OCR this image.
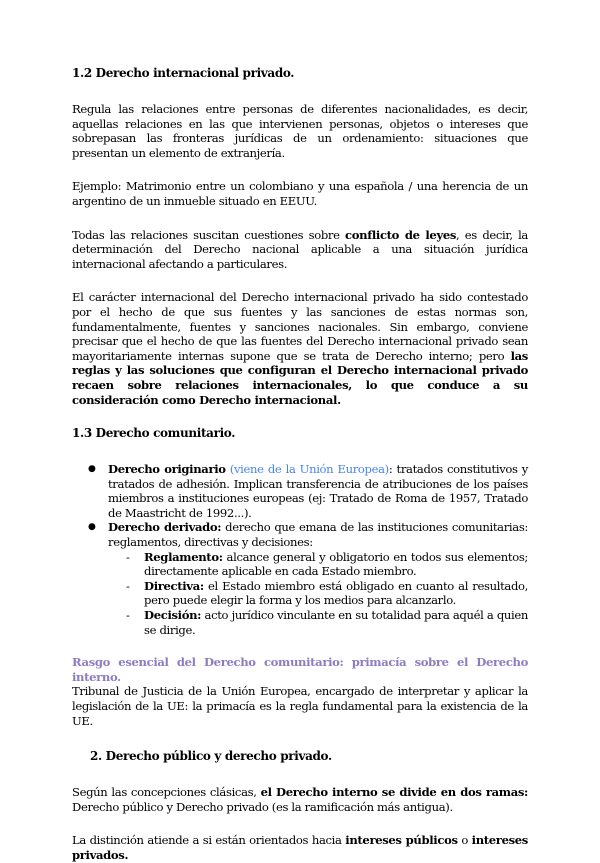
1.2 Derecho internacional privado.

Regula las relaciones entre personas de diferentes nacionalidades, es decir, aquellas relaciones en las que intervienen personas, objetos o intereses que sobrepasan las fronteras jurídicas de un ordenamiento: situaciones que presentan un elemento de extranjería.

Ejemplo: Matrimonio entre un colombiano y una española / una herencia de un argentino de un inmueble situado en EEUU.

Todas las relaciones suscitan cuestiones sobre conflicto de leyes, es decir, la determinación del Derecho nacional aplicable a una situación jurídica internacional afectando a particulares.

El carácter internacional del Derecho internacional privado ha sido contestado por el hecho de que sus fuentes y las sanciones de estas normas son, fundamentalmente, fuentes y sanciones nacionales. Sin embargo, conviene precisar que el hecho de que las fuentes del Derecho internacional privado sean mayoritariamente internas supone que se trata de Derecho interno; pero las reglas y las soluciones que configuran el Derecho internacional privado recaen sobre relaciones internacionales, lo que conduce a su consideración como Derecho internacional.

1.3 Derecho comunitario.
● Derecho originario (viene de la Unión Europea): tratados constitutivos y tratados de adhesión. Implican transferencia de atribuciones de los países miembros a instituciones europeas (ej: Tratado de Roma de 1957, Tratado de Maastricht de 1992...).
● Derecho derivado: derecho que emana de las instituciones comunitarias: reglamentos, directivas y decisiones:
- Reglamento: alcance general y obligatorio en todos sus elementos; directamente aplicable en cada Estado miembro.
- Directiva: el Estado miembro está obligado en cuanto al resultado, pero puede elegir la forma y los medios para alcanzarlo.
- Decisión: acto jurídico vinculante en su totalidad para aquél a quien se dirige.

Rasgo esencial del Derecho comunitario: primacía sobre el Derecho interno.

Tribunal de Justicia de la Unión Europea, encargado de interpretar y aplicar la legislación de la UE: la primacía es la regla fundamental para la existencia de la UE.

2. Derecho público y derecho privado.

Según las concepciones clásicas, el Derecho interno se divide en dos ramas: Derecho público y Derecho privado (es la ramificación más antigua).

La distinción atiende a si están orientados hacia intereses públicos o intereses privados.
